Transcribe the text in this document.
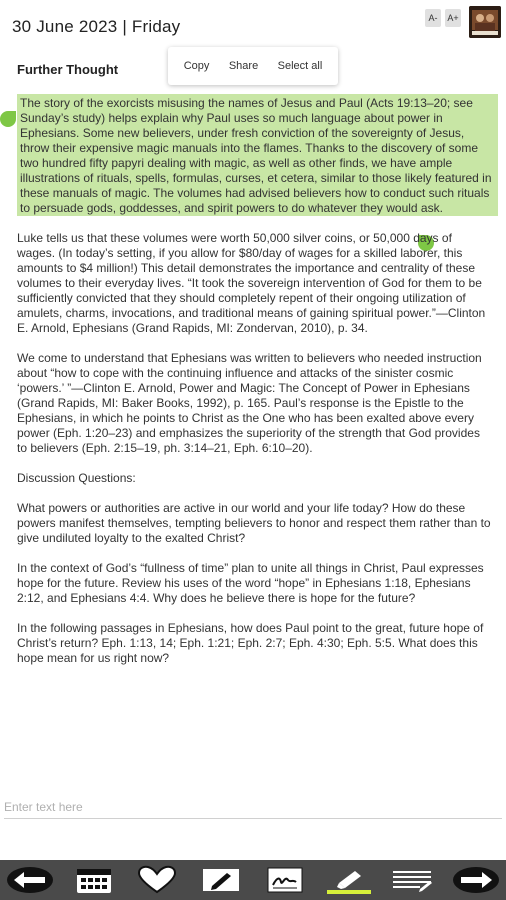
30 June 2023 | Friday	A-	A+
Further Thought	Copy Share Select all

The story of the exorcists misusing the names of Jesus and Paul (Acts 19:13–20; see Sunday’s study) helps explain why Paul uses so much language about power in Ephesians. Some new believers, under fresh conviction of the sovereignty of Jesus, throw their expensive magic manuals into the flames. Thanks to the discovery of some two hundred fifty papyri dealing with magic, as well as other finds, we have ample illustrations of rituals, spells, formulas, curses, et cetera, similar to those likely featured in these manuals of magic. The volumes had advised believers how to conduct such rituals to persuade gods, goddesses, and spirit powers to do whatever they would ask.

Luke tells us that these volumes were worth 50,000 silver coins, or 50,000 days of wages. (In today’s setting, if you allow for $80/day of wages for a skilled laborer, this amounts to $4 million!) This detail demonstrates the importance and centrality of these volumes to their everyday lives. “It took the sovereign intervention of God for them to be sufficiently convicted that they should completely repent of their ongoing utilization of amulets, charms, invocations, and traditional means of gaining spiritual power.”—Clinton E. Arnold, Ephesians (Grand Rapids, MI: Zondervan, 2010), p. 34.

We come to understand that Ephesians was written to believers who needed instruction about “how to cope with the continuing influence and attacks of the sinister cosmic ‘powers.’ ”—Clinton E. Arnold, Power and Magic: The Concept of Power in Ephesians (Grand Rapids, MI: Baker Books, 1992), p. 165. Paul’s response is the Epistle to the Ephesians, in which he points to Christ as the One who has been exalted above every power (Eph. 1:20–23) and emphasizes the superiority of the strength that God provides to believers (Eph. 2:15–19, ph. 3:14–21, Eph. 6:10–20).

Discussion Questions:

What powers or authorities are active in our world and your life today? How do these powers manifest themselves, tempting believers to honor and respect them rather than to give undiluted loyalty to the exalted Christ?

In the context of God’s “fullness of time” plan to unite all things in Christ, Paul expresses hope for the future. Review his uses of the word “hope” in Ephesians 1:18, Ephesians 2:12, and Ephesians 4:4. Why does he believe there is hope for the future?

In the following passages in Ephesians, how does Paul point to the great, future hope of Christ’s return? Eph. 1:13, 14; Eph. 1:21; Eph. 2:7; Eph. 4:30; Eph. 5:5. What does this hope mean for us right now?

Enter text here
